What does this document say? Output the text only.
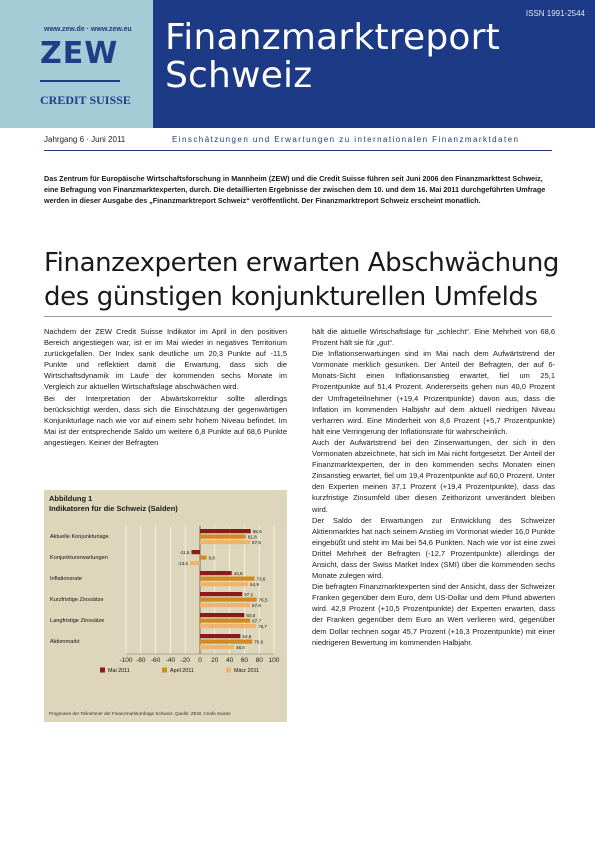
www.zew.de · www.zew.eu
ZEW
CREDIT SUISSE
ISSN 1991-2544
Finanzmarktreport
Schweiz
Jahrgang 6 · Juni 2011	Einschätzungen und Erwartungen zu internationalen Finanzmarktdaten
Das Zentrum für Europäische Wirtschaftsforschung in Mannheim (ZEW) und die Credit Suisse führen seit Juni 2006 den Finanzmarkttest Schweiz, eine Befragung von Finanzmarktexperten, durch. Die detaillierten Ergebnisse der zwischen dem 10. und dem 16. Mai 2011 durchgeführten Umfrage werden in dieser Ausgabe des „Finanzmarktreport Schweiz“ veröffentlicht. Der Finanzmarktreport Schweiz erscheint monatlich.
Finanzexperten erwarten Abschwächung
des günstigen konjunkturellen Umfelds

Nachdem der ZEW Credit Suisse Indikator im April in den positiven Bereich angestiegen war, ist er im Mai wieder in negatives Territorium zurückgefallen. Der Index sank deutliche um 20,3 Punkte auf -11,5 Punkte und reflektiert damit die Erwartung, dass sich die Wirtschaftsdynamik im Laufe der kommenden sechs Monate im Vergleich zur aktuellen Wirtschaftslage abschwächen wird.

Bei der Interpretation der Abwärtskorrektur sollte allerdings berücksichtigt werden, dass sich die Einschätzung der gegenwärtigen Konjunkturlage nach wie vor auf einem sehr hohem Niveau befindet. Im Mai ist der entsprechende Saldo um weitere 6,8 Punkte auf 68,6 Punkte angestiegen. Keiner der Befragten

Abbildung 1
Indikatoren für die Schweiz (Salden)
-100 -80 -60 -40 -20 0 20 40 60 80 100
Aktuelle Konjunkturlage
68,6
61,8
67,6
Konjunkturerwartungen
-11,5
8,8
-13,5
Inflationsrate
42,8
73,6
64,9
Kurzfristige Zinssätze
57,1
76,5
67,6
Langfristige Zinssätze
60,0
67,7
75,7
Aktienmarkt
54,6
70,6
46,0
Mai 2011	April 2011	März 2011
Prognosen der Teilnehmer der Finanzmarktumfrage Schweiz. Quelle: ZEW, Credit Suisse

hält die aktuelle Wirtschaftslage für „schlecht“. Eine Mehrheit von 68,6 Prozent hält sie für „gut“.

Die Inflationserwartungen sind im Mai nach dem Aufwärtstrend der Vormonate merklich gesunken. Der Anteil der Befragten, der auf 6-Monats-Sicht einen Inflationsanstieg erwartet, fiel um 25,1 Prozentpunkte auf 51,4 Prozent. Andererseits gehen nun 40,0 Prozent der Umfrageteilnehmer (+19,4 Prozentpunkte) davon aus, dass die Inflation im kommenden Halbjahr auf dem aktuell niedrigen Niveau verharren wird. Eine Minderheit von 8,6 Prozent (+5,7 Prozentpunkte) hält eine Verringerung der Inflationsrate für wahrscheinlich.

Auch der Aufwärtstrend bei den Zinserwartungen, der sich in den Vormonaten abzeichnete, hat sich im Mai nicht fortgesetzt. Der Anteil der Finanzmarktexperten, der in den kommenden sechs Monaten einen Zinsanstieg erwartet, fiel um 19,4 Prozentpunkte auf 60,0 Prozent. Unter den Experten meinen 37,1 Prozent (+19,4 Prozentpunkte), dass das kurzfristige Zinsumfeld über diesen Zeithorizont unverändert bleiben wird.

Der Saldo der Erwartungen zur Entwicklung des Schweizer Aktienmarktes hat nach seinem Anstieg im Vormonat wieder 16,0 Punkte eingebüßt und steht im Mai bei 54,6 Punkten. Nach wie vor ist eine zwei Drittel Mehrheit der Befragten (-12,7 Prozentpunkte) allerdings der Ansicht, dass der Swiss Market Index (SMI) über die kommenden sechs Monate zulegen wird.

Die befragten Finanzmarktexperten sind der Ansicht, dass der Schweizer Franken gegenüber dem Euro, dem US-Dollar und dem Pfund abwerten wird. 42,9 Prozent (+10,5 Prozentpunkte) der Experten erwarten, dass der Franken gegenüber dem Euro an Wert verlieren wird, gegenüber dem Dollar rechnen sogar 45,7 Prozent (+16,3 Prozentpunkte) mit einer niedrigeren Bewertung im kommenden Halbjahr.
